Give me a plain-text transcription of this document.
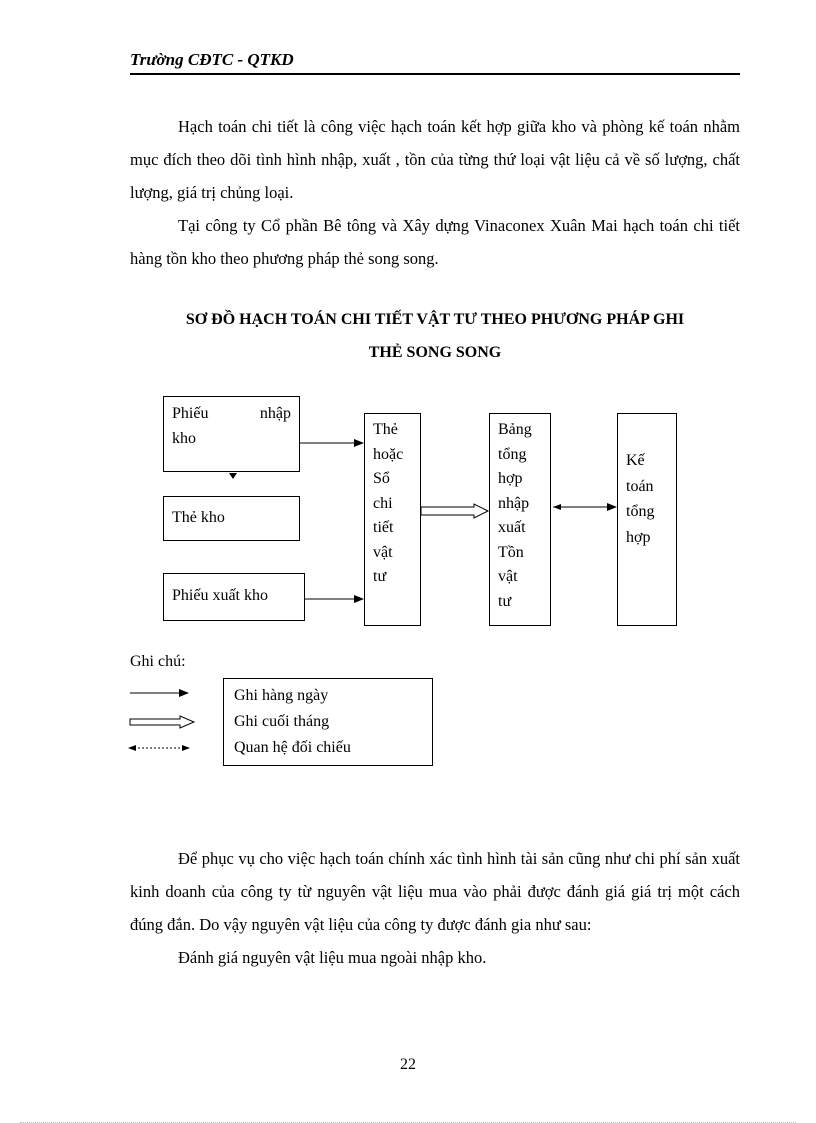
Trường CĐTC - QTKD

Hạch toán chi tiết là công việc hạch toán kết hợp giữa kho và phòng kế toán nhằm mục đích theo dõi tình hình nhập, xuất , tồn của từng thứ loại vật liệu cả về số lượng, chất lượng, giá trị chủng loại.

Tại công ty Cổ phần Bê tông và Xây dựng Vinaconex Xuân Mai hạch toán chi tiết hàng tồn kho theo phương pháp thẻ song song.

SƠ ĐỒ HẠCH TOÁN CHI TIẾT VẬT TƯ THEO PHƯƠNG PHÁP GHI
THẺ SONG SONG
Phiếu	nhập
kho
Thẻ kho
Phiếu xuất kho
Thẻ
hoặc
Sổ
chi
tiết
vật
tư
Bảng
tổng
hợp
nhập
xuất
Tồn
vật
tư
Kế
toán
tổng
hợp
Ghi chú:
Ghi hàng ngày
Ghi cuối tháng
Quan hệ đối chiếu

Để phục vụ cho việc hạch toán chính xác tình hình tài sản cũng như chi phí sản xuất kinh doanh của công ty từ nguyên vật liệu mua vào phải được đánh giá giá trị một cách đúng đắn. Do vậy nguyên vật liệu của công ty được đánh gia như sau:

Đánh giá nguyên vật liệu mua ngoài nhập kho.

22
